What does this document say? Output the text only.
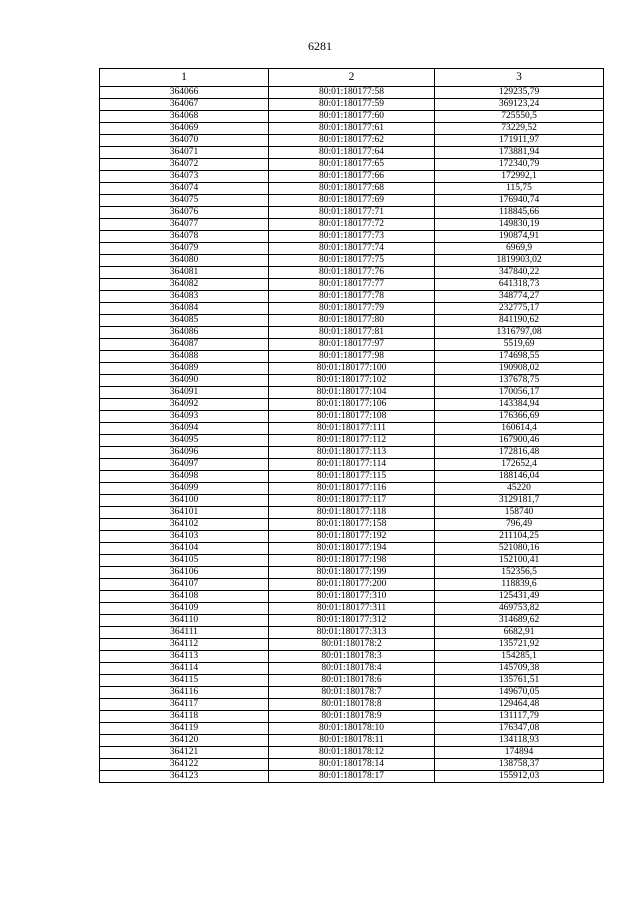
6281
1	2	3
364066	80:01:180177:58	129235,79
364067	80:01:180177:59	369123,24
364068	80:01:180177:60	725550,5
364069	80:01:180177:61	73229,52
364070	80:01:180177:62	171911,97
364071	80:01:180177:64	173881,94
364072	80:01:180177:65	172340,79
364073	80:01:180177:66	172992,1
364074	80:01:180177:68	115,75
364075	80:01:180177:69	176940,74
364076	80:01:180177:71	118845,66
364077	80:01:180177:72	149830,19
364078	80:01:180177:73	190874,91
364079	80:01:180177:74	6969,9
364080	80:01:180177:75	1819903,02
364081	80:01:180177:76	347840,22
364082	80:01:180177:77	641318,73
364083	80:01:180177:78	348774,27
364084	80:01:180177:79	232775,17
364085	80:01:180177:80	841190,62
364086	80:01:180177:81	1316797,08
364087	80:01:180177:97	5519,69
364088	80:01:180177:98	174698,55
364089	80:01:180177:100	190908,02
364090	80:01:180177:102	137678,75
364091	80:01:180177:104	170056,17
364092	80:01:180177:106	143384,94
364093	80:01:180177:108	176366,69
364094	80:01:180177:111	160614,4
364095	80:01:180177:112	167900,46
364096	80:01:180177:113	172816,48
364097	80:01:180177:114	172652,4
364098	80:01:180177:115	188146,04
364099	80:01:180177:116	45220
364100	80:01:180177:117	3129181,7
364101	80:01:180177:118	158740
364102	80:01:180177:158	796,49
364103	80:01:180177:192	211104,25
364104	80:01:180177:194	521080,16
364105	80:01:180177:198	152100,41
364106	80:01:180177:199	152356,5
364107	80:01:180177:200	118839,6
364108	80:01:180177:310	125431,49
364109	80:01:180177:311	469753,82
364110	80:01:180177:312	314689,62
364111	80:01:180177:313	6682,91
364112	80:01:180178:2	135721,92
364113	80:01:180178:3	154285,1
364114	80:01:180178:4	145709,38
364115	80:01:180178:6	135761,51
364116	80:01:180178:7	149670,05
364117	80:01:180178:8	129464,48
364118	80:01:180178:9	131117,79
364119	80:01:180178:10	176347,08
364120	80:01:180178:11	134118,93
364121	80:01:180178:12	174894
364122	80:01:180178:14	138758,37
364123	80:01:180178:17	155912,03
